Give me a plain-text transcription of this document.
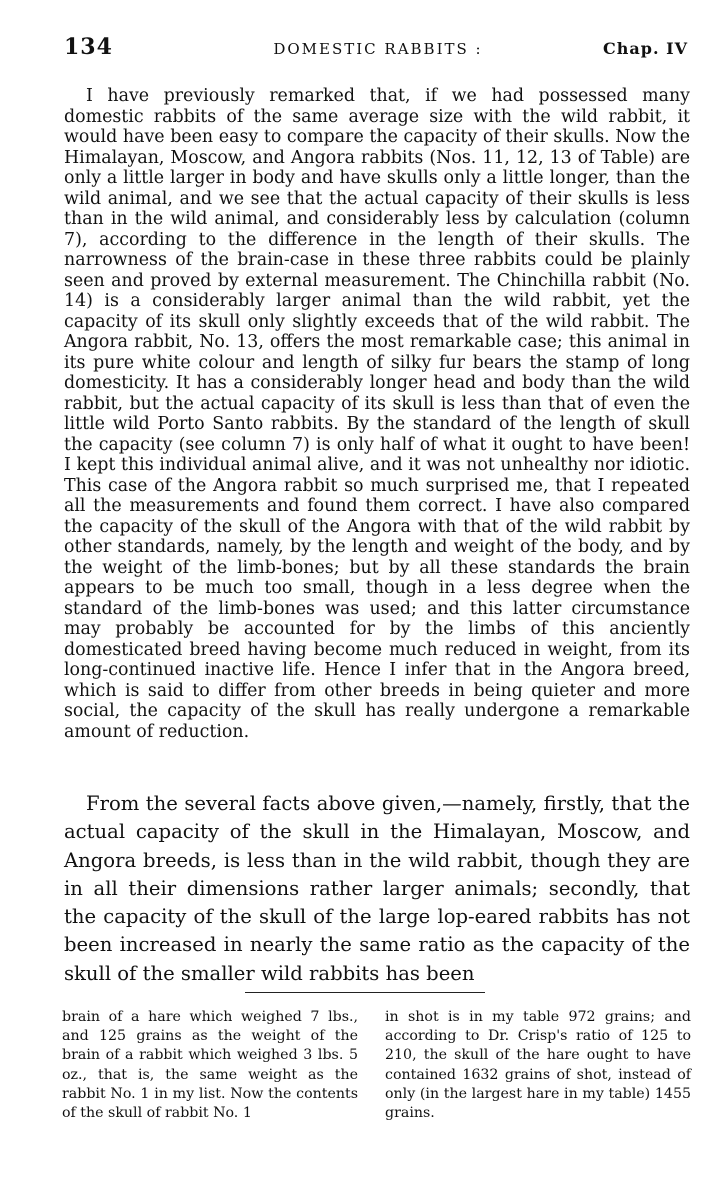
134	DOMESTIC RABBITS :	Chap. IV

I have previously remarked that, if we had possessed many domestic rabbits of the same average size with the wild rabbit, it would have been easy to compare the capacity of their skulls. Now the Himalayan, Moscow, and Angora rabbits (Nos. 11, 12, 13 of Table) are only a little larger in body and have skulls only a little longer, than the wild animal, and we see that the actual capacity of their skulls is less than in the wild animal, and considerably less by calculation (column 7), according to the difference in the length of their skulls. The narrowness of the brain-case in these three rabbits could be plainly seen and proved by external measurement. The Chinchilla rabbit (No. 14) is a considerably larger animal than the wild rabbit, yet the capacity of its skull only slightly exceeds that of the wild rabbit. The Angora rabbit, No. 13, offers the most remarkable case; this animal in its pure white colour and length of silky fur bears the stamp of long domesticity. It has a considerably longer head and body than the wild rabbit, but the actual capacity of its skull is less than that of even the little wild Porto Santo rabbits. By the standard of the length of skull the capacity (see column 7) is only half of what it ought to have been! I kept this individual animal alive, and it was not unhealthy nor idiotic. This case of the Angora rabbit so much surprised me, that I repeated all the measurements and found them correct. I have also compared the capacity of the skull of the Angora with that of the wild rabbit by other standards, namely, by the length and weight of the body, and by the weight of the limb-bones; but by all these standards the brain appears to be much too small, though in a less degree when the standard of the limb-bones was used; and this latter circumstance may probably be accounted for by the limbs of this anciently domesticated breed having become much reduced in weight, from its long-continued inactive life. Hence I infer that in the Angora breed, which is said to differ from other breeds in being quieter and more social, the capacity of the skull has really undergone a remarkable amount of reduction.

From the several facts above given,—namely, firstly, that the actual capacity of the skull in the Himalayan, Moscow, and Angora breeds, is less than in the wild rabbit, though they are in all their dimensions rather larger animals; secondly, that the capacity of the skull of the large lop-eared rabbits has not been increased in nearly the same ratio as the capacity of the skull of the smaller wild rabbits has been

brain of a hare which weighed 7 lbs., and 125 grains as the weight of the brain of a rabbit which weighed 3 lbs. 5 oz., that is, the same weight as the rabbit No. 1 in my list. Now the contents of the skull of rabbit No. 1

in shot is in my table 972 grains; and according to Dr. Crisp's ratio of 125 to 210, the skull of the hare ought to have contained 1632 grains of shot, instead of only (in the largest hare in my table) 1455 grains.
